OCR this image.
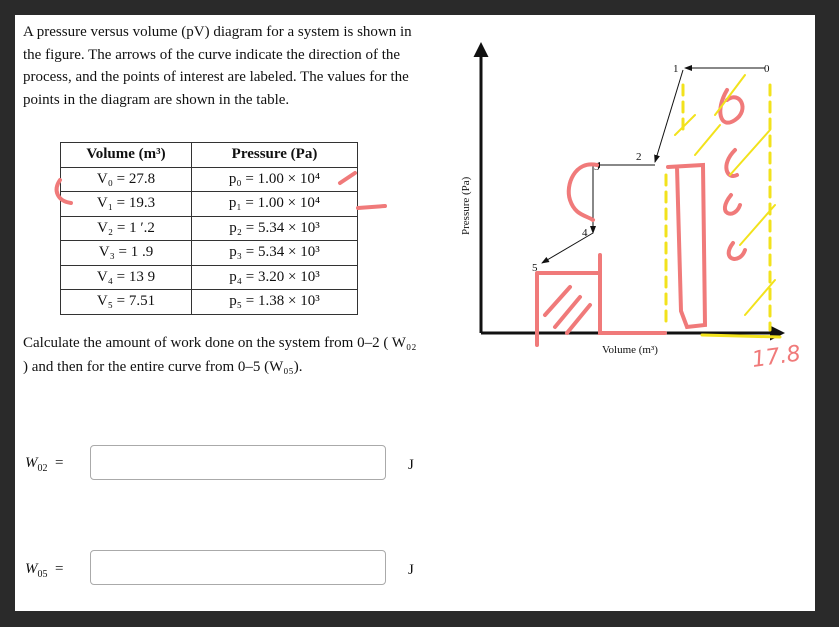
A pressure versus volume (pV) diagram for a system is shown in the figure. The arrows of the curve indicate the direction of the process, and the points of interest are labeled. The values for the points in the diagram are shown in the table.
Volume (m³)	Pressure (Pa)
V₀ = 27.8	p₀ = 1.00 × 10⁴
V₁ = 19.3	p₁ = 1.00 × 10⁴
V₂ = 1 ′.2	p₂ = 5.34 × 10³
V₃ = 1 .9	p₃ = 5.34 × 10³
V₄ = 13 9	p₄ = 3.20 × 10³
V₅ = 7.51	p₅ = 1.38 × 10³
Calculate the amount of work done on the system from 0–2 ( W₀₂ ) and then for the entire curve from 0–5 (W₀₅).
$W_{02}$ =	J
$W_{05}$ =	J
Pressure (Pa)
Volume (m³)
0
1
2
3
4
5
17.8
